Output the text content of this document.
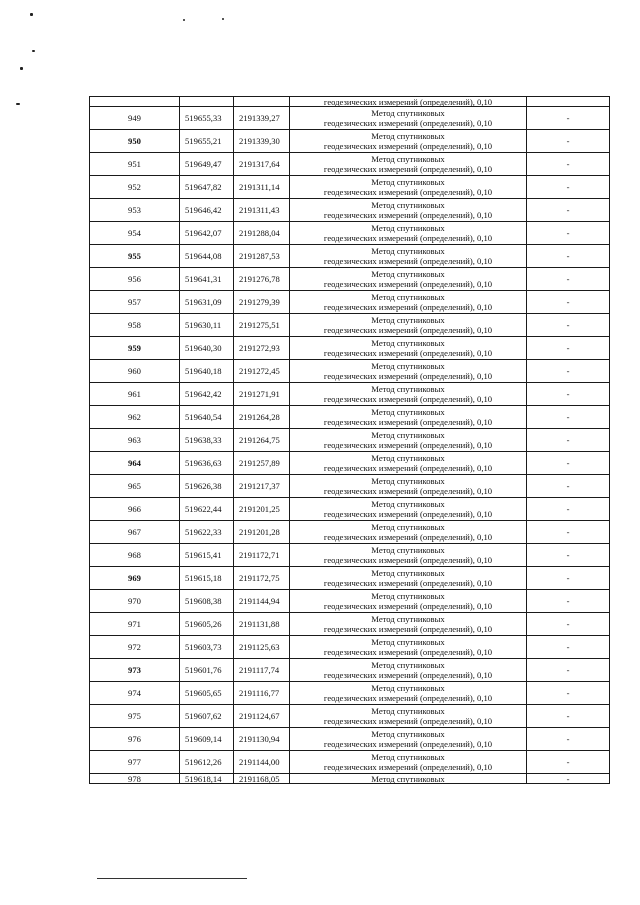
			геодезических измерений (определений), 0,10	
949	519655,33	2191339,27	Метод спутниковых
геодезических измерений (определений), 0,10	-
950	519655,21	2191339,30	Метод спутниковых
геодезических измерений (определений), 0,10	-
951	519649,47	2191317,64	Метод спутниковых
геодезических измерений (определений), 0,10	-
952	519647,82	2191311,14	Метод спутниковых
геодезических измерений (определений), 0,10	-
953	519646,42	2191311,43	Метод спутниковых
геодезических измерений (определений), 0,10	-
954	519642,07	2191288,04	Метод спутниковых
геодезических измерений (определений), 0,10	-
955	519644,08	2191287,53	Метод спутниковых
геодезических измерений (определений), 0,10	-
956	519641,31	2191276,78	Метод спутниковых
геодезических измерений (определений), 0,10	-
957	519631,09	2191279,39	Метод спутниковых
геодезических измерений (определений), 0,10	-
958	519630,11	2191275,51	Метод спутниковых
геодезических измерений (определений), 0,10	-
959	519640,30	2191272,93	Метод спутниковых
геодезических измерений (определений), 0,10	-
960	519640,18	2191272,45	Метод спутниковых
геодезических измерений (определений), 0,10	-
961	519642,42	2191271,91	Метод спутниковых
геодезических измерений (определений), 0,10	-
962	519640,54	2191264,28	Метод спутниковых
геодезических измерений (определений), 0,10	-
963	519638,33	2191264,75	Метод спутниковых
геодезических измерений (определений), 0,10	-
964	519636,63	2191257,89	Метод спутниковых
геодезических измерений (определений), 0,10	-
965	519626,38	2191217,37	Метод спутниковых
геодезических измерений (определений), 0,10	-
966	519622,44	2191201,25	Метод спутниковых
геодезических измерений (определений), 0,10	-
967	519622,33	2191201,28	Метод спутниковых
геодезических измерений (определений), 0,10	-
968	519615,41	2191172,71	Метод спутниковых
геодезических измерений (определений), 0,10	-
969	519615,18	2191172,75	Метод спутниковых
геодезических измерений (определений), 0,10	-
970	519608,38	2191144,94	Метод спутниковых
геодезических измерений (определений), 0,10	-
971	519605,26	2191131,88	Метод спутниковых
геодезических измерений (определений), 0,10	-
972	519603,73	2191125,63	Метод спутниковых
геодезических измерений (определений), 0,10	-
973	519601,76	2191117,74	Метод спутниковых
геодезических измерений (определений), 0,10	-
974	519605,65	2191116,77	Метод спутниковых
геодезических измерений (определений), 0,10	-
975	519607,62	2191124,67	Метод спутниковых
геодезических измерений (определений), 0,10	-
976	519609,14	2191130,94	Метод спутниковых
геодезических измерений (определений), 0,10	-
977	519612,26	2191144,00	Метод спутниковых
геодезических измерений (определений), 0,10	-
978	519618,14	2191168,05	Метод спутниковых	-
